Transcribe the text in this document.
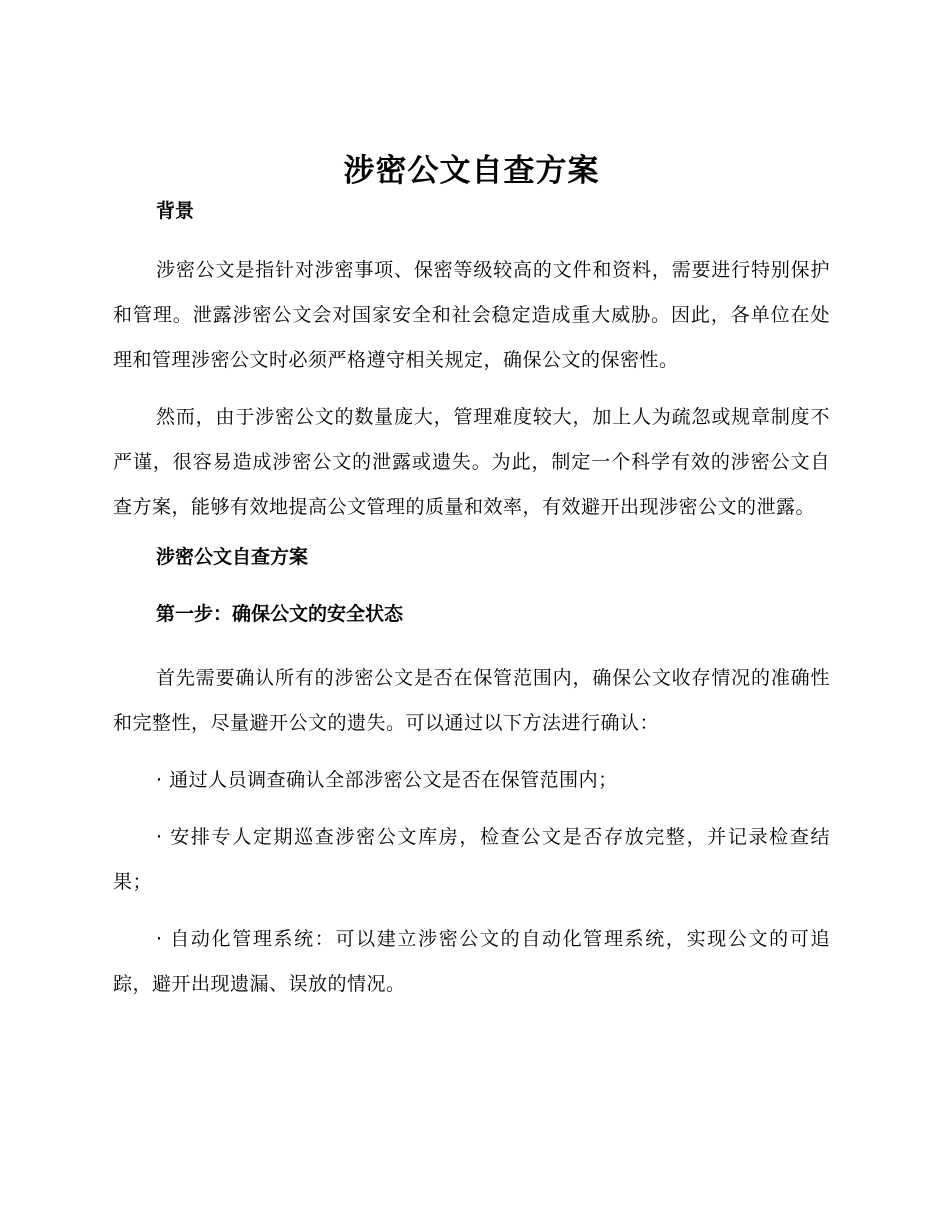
涉密公文自查方案
背景

涉密公文是指针对涉密事项、保密等级较高的文件和资料，需要进行特别保护和管理。泄露涉密公文会对国家安全和社会稳定造成重大威胁。因此，各单位在处理和管理涉密公文时必须严格遵守相关规定，确保公文的保密性。

然而，由于涉密公文的数量庞大，管理难度较大，加上人为疏忽或规章制度不严谨，很容易造成涉密公文的泄露或遗失。为此，制定一个科学有效的涉密公文自查方案，能够有效地提高公文管理的质量和效率，有效避开出现涉密公文的泄露。

涉密公文自查方案
第一步：确保公文的安全状态

首先需要确认所有的涉密公文是否在保管范围内，确保公文收存情况的准确性和完整性，尽量避开公文的遗失。可以通过以下方法进行确认：

· 通过人员调查确认全部涉密公文是否在保管范围内；

· 安排专人定期巡查涉密公文库房，检查公文是否存放完整，并记录检查结果；

· 自动化管理系统：可以建立涉密公文的自动化管理系统，实现公文的可追踪，避开出现遗漏、误放的情况。
